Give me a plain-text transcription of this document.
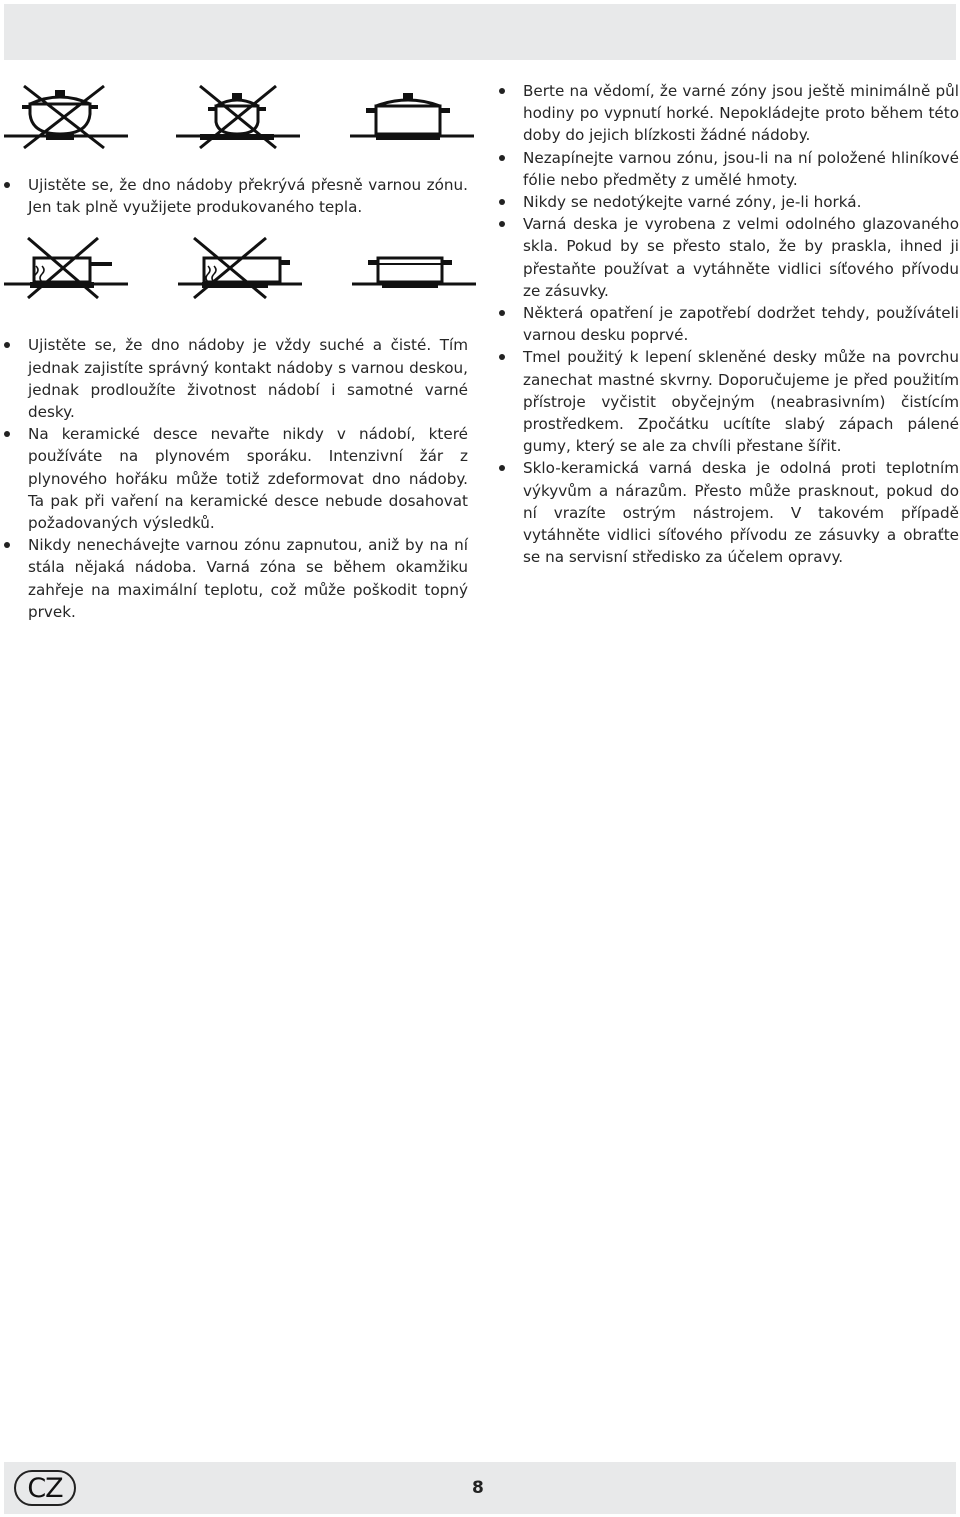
Ujistěte se, že dno nádoby překrývá přesně varnou zónu. Jen tak plně využijete produkovaného tepla.
Ujistěte se, že dno nádoby je vždy suché a čisté. Tím jednak zajistíte správný kontakt nádoby s varnou deskou, jednak prodloužíte životnost nádobí i samotné varné desky.
Na keramické desce nevařte nikdy v nádobí, které používáte na plynovém sporáku. Intenzivní žár z plynového hořáku může totiž zdeformovat dno nádoby. Ta pak při vaření na keramické desce nebude dosahovat požadovaných výsledků.
Nikdy nenechávejte varnou zónu zapnutou, aniž by na ní stála nějaká nádoba. Varná zóna se během okamžiku zahřeje na maximální teplotu, což může poškodit topný prvek.
Berte na vědomí, že varné zóny jsou ještě minimálně půl hodiny po vypnutí horké. Nepokládejte proto během této doby do jejich blízkosti žádné nádoby.
Nezapínejte varnou zónu, jsou-li na ní položené hliníkové fólie nebo předměty z umělé hmoty.
Nikdy se nedotýkejte varné zóny, je-li horká.
Varná deska je vyrobena z velmi odolného glazovaného skla. Pokud by se přesto stalo, že by praskla, ihned ji přestaňte používat a vytáhněte vidlici síťového přívodu ze zásuvky.
Některá opatření je zapotřebí dodržet tehdy, používáteli varnou desku poprvé.
Tmel použitý k lepení skleněné desky může na povrchu zanechat mastné skvrny. Doporučujeme je před použitím přístroje vyčistit obyčejným (neabrasivním) čistícím prostředkem. Zpočátku ucítíte slabý zápach pálené gumy, který se ale za chvíli přestane šířit.
Sklo-keramická varná deska je odolná proti teplotním výkyvům a nárazům. Přesto může prasknout, pokud do ní vrazíte ostrým nástrojem. V takovém případě vytáhněte vidlici síťového přívodu ze zásuvky a obraťte se na servisní středisko za účelem opravy.
CZ	8
